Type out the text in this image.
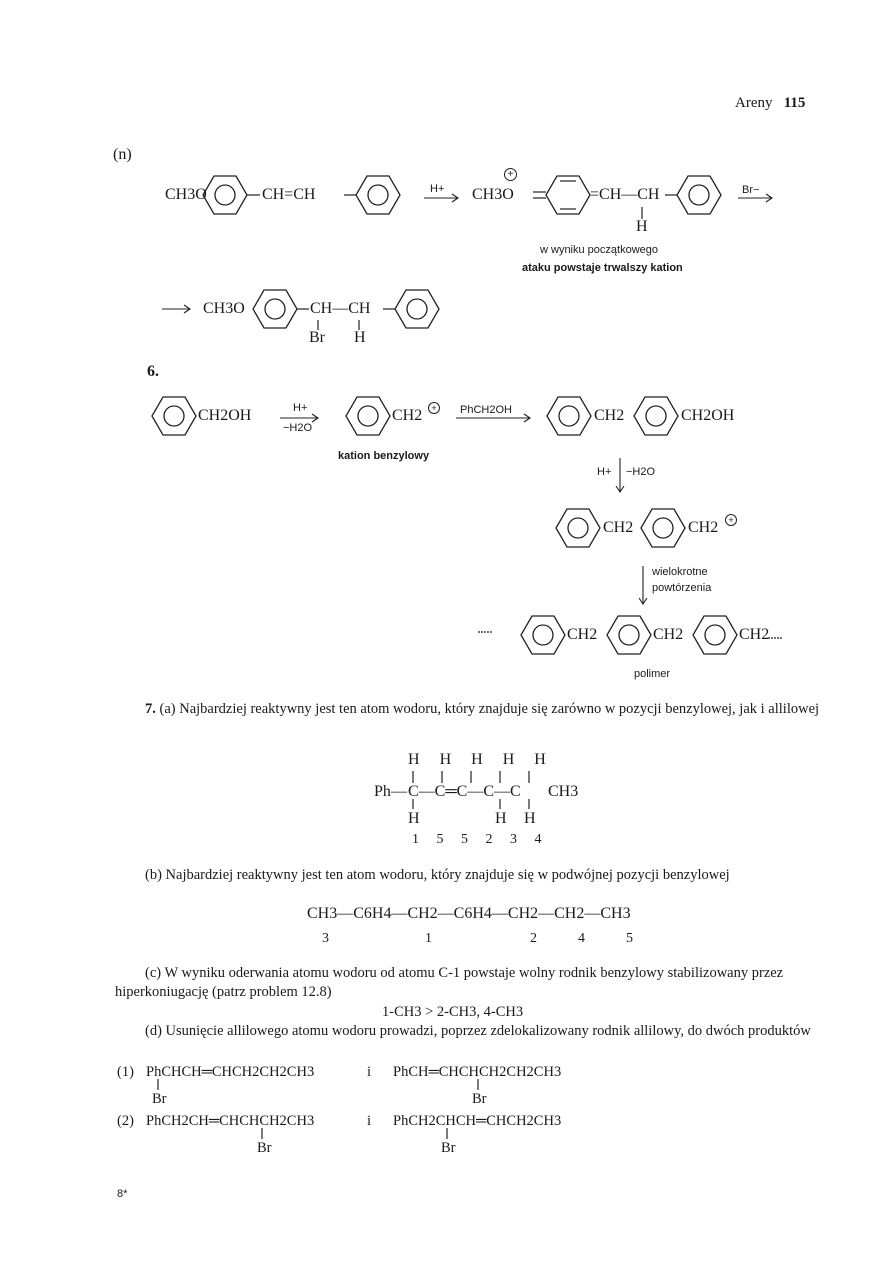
Areny 115
(n)
CH3O	CH=CH	H+ CH3O
+
=CH—CH
H
Br−
w wyniku początkowego
ataku powstaje trwalszy kation
CH3O	CH—CH
Br H
6.
CH2OH	H+
−H2O
CH2	+
kation benzylowy
PhCH2OH	CH2	CH2OH
H+ −H2O
CH2	CH2	+
wielokrotne
powtórzenia
CH2	CH2	CH2
polimer
7. (a) Najbardziej reaktywny jest ten atom wodoru, który znajduje się zarówno w pozycji benzylowej, jak i allilowej
H H H H H
Ph — C—C═C—C—C CH3
H	H H
1 5 5 2 3 4
(b) Najbardziej reaktywny jest ten atom wodoru, który znajduje się w podwójnej pozycji benzylowej
CH3—C6H4—CH2—C6H4—CH2—CH2—CH3
3	1	2	4	5
(c) W wyniku oderwania atomu wodoru od atomu C-1 powstaje wolny rodnik benzylowy stabilizowany przez hiperkoniugację (patrz problem 12.8)
1-CH3 > 2-CH3, 4-CH3
(d) Usunięcie allilowego atomu wodoru prowadzi, poprzez zdelokalizowany rodnik allilowy, do dwóch produktów
(1) PhCHCH═CHCH2CH2CH3	i PhCH═CHCHCH2CH2CH3
Br	Br
(2) PhCH2CH═CHCHCH2CH3	i PhCH2CHCH═CHCH2CH3
Br	Br
8*
